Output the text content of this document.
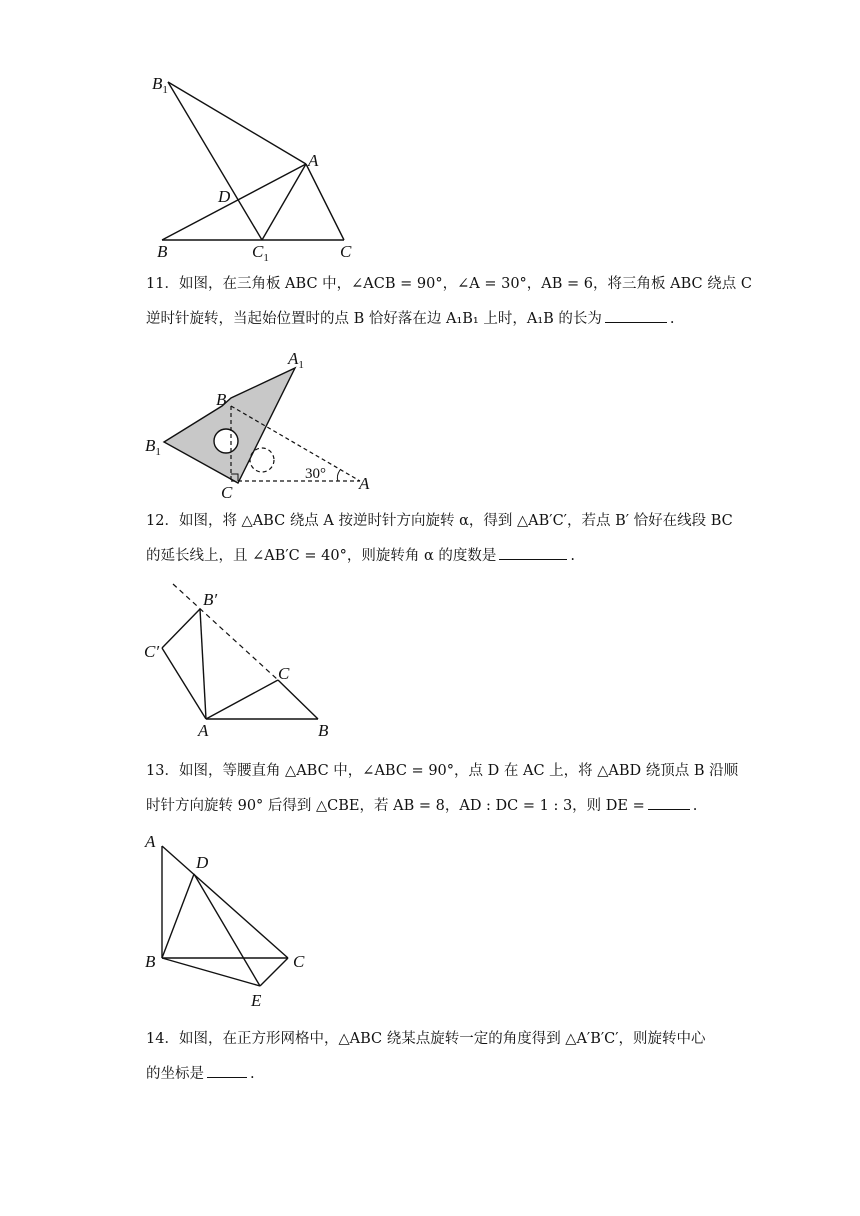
$B_1$
A
D
B	$C_1$	C

11．如图，在三角板 ABC 中，∠ACB = 90°，∠A = 30°，AB = 6，将三角板 ABC 绕点 C

逆时针旋转，当起始位置时的点 B 恰好落在边 A₁B₁ 上时，A₁B 的长为	.

$A_1$
B
$B_1$
C	A
30°

12．如图，将 △ABC 绕点 A 按逆时针方向旋转 α，得到 △AB′C′，若点 B′ 恰好在线段 BC

的延长线上，且 ∠AB′C = 40°，则旋转角 α 的度数是	.

B′
C′
C
A	B

13．如图，等腰直角 △ABC 中，∠ABC = 90°，点 D 在 AC 上，将 △ABD 绕顶点 B 沿顺

时针方向旋转 90° 后得到 △CBE，若 AB = 8，AD : DC = 1 : 3，则 DE =	.

A
D
B	C
E

14．如图，在正方形网格中，△ABC 绕某点旋转一定的角度得到 △A′B′C′，则旋转中心

的坐标是	.
